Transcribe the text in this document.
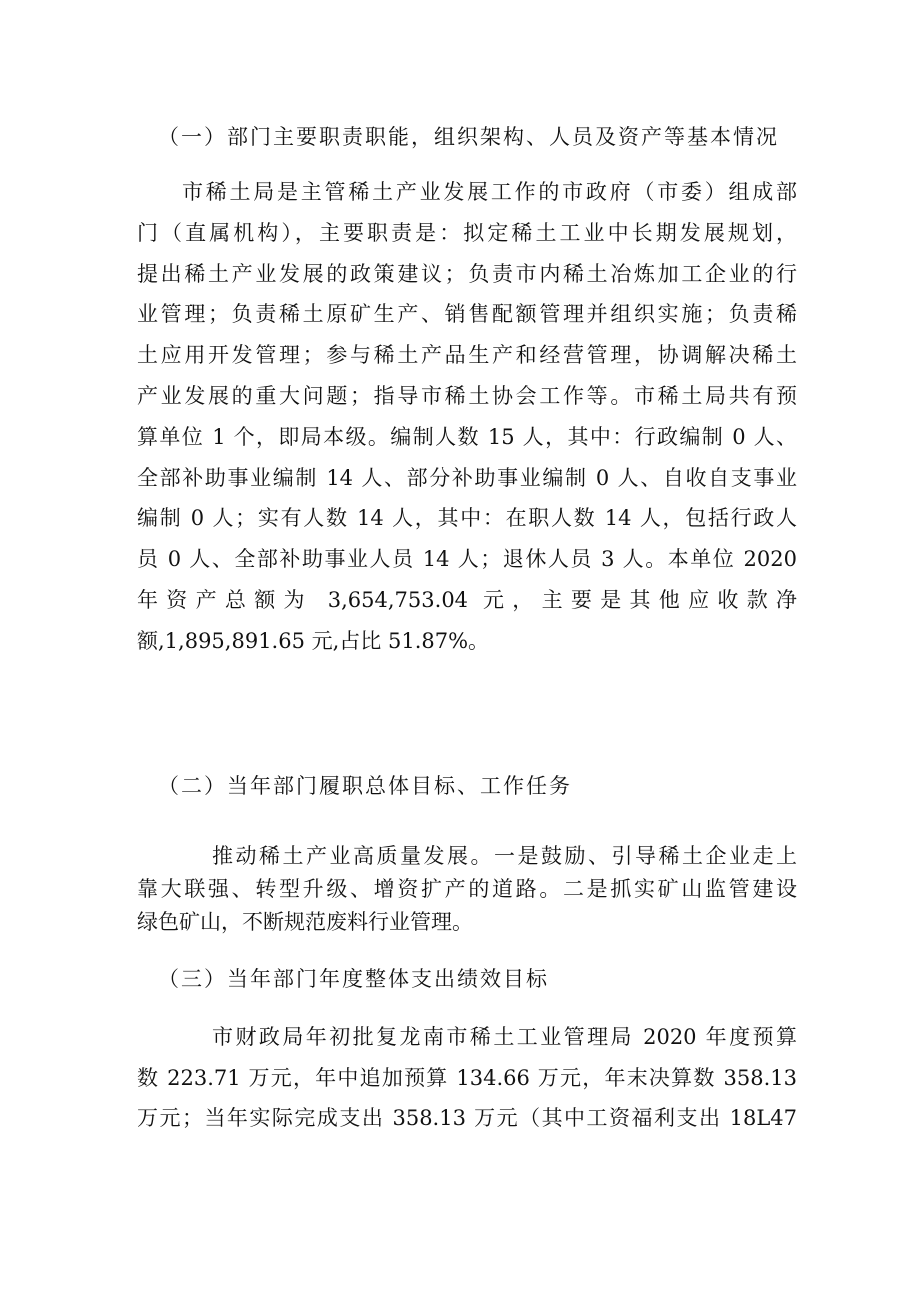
（一）部门主要职责职能，组织架构、人员及资产等基本情况

市稀土局是主管稀土产业发展工作的市政府（市委）组成部
门（直属机构），主要职责是：拟定稀土工业中长期发展规划，
提出稀土产业发展的政策建议；负责市内稀土冶炼加工企业的行
业管理；负责稀土原矿生产、销售配额管理并组织实施；负责稀
土应用开发管理；参与稀土产品生产和经营管理，协调解决稀土
产业发展的重大问题；指导市稀土协会工作等。市稀土局共有预
算单位 1 个，即局本级。编制人数 15 人，其中：行政编制 0 人、
全部补助事业编制 14 人、部分补助事业编制 0 人、自收自支事业
编制 0 人；实有人数 14 人，其中：在职人数 14 人，包括行政人
员 0 人、全部补助事业人员 14 人；退休人员 3 人。本单位 2020
年资产总额为 3,654,753.04 元，主要是其他应收款净
额,1,895,891.65 元,占比 51.87%。

（二）当年部门履职总体目标、工作任务

推动稀土产业高质量发展。一是鼓励、引导稀土企业走上
靠大联强、转型升级、增资扩产的道路。二是抓实矿山监管建设
绿色矿山，不断规范废料行业管理。

（三）当年部门年度整体支出绩效目标

市财政局年初批复龙南市稀土工业管理局 2020 年度预算
数 223.71 万元，年中追加预算 134.66 万元，年末决算数 358.13
万元；当年实际完成支出 358.13 万元（其中工资福利支出 18L47
